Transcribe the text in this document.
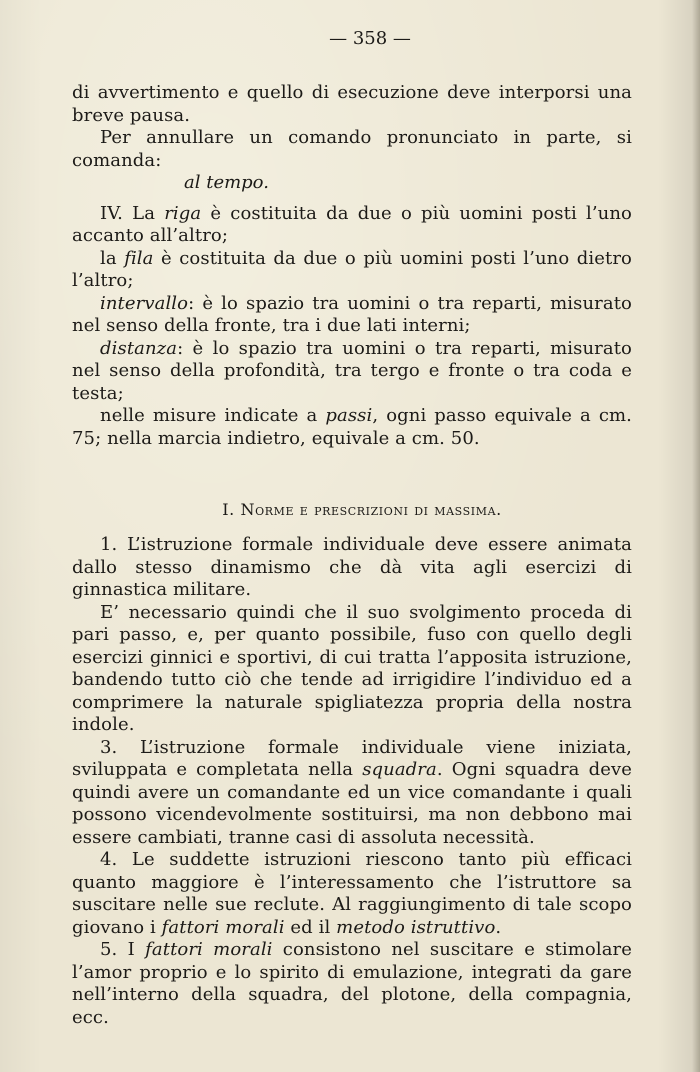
— 358 —

di avvertimento e quello di esecuzione deve interporsi una breve pausa.

Per annullare un comando pronunciato in parte, si comanda:

al tempo.

IV. La riga è costituita da due o più uomini posti l’uno accanto all’altro;

la fila è costituita da due o più uomini posti l’uno dietro l’altro;

intervallo: è lo spazio tra uomini o tra reparti, misurato nel senso della fronte, tra i due lati interni;

distanza: è lo spazio tra uomini o tra reparti, misurato nel senso della profondità, tra tergo e fronte o tra coda e testa;

nelle misure indicate a passi, ogni passo equivale a cm. 75; nella marcia indietro, equivale a cm. 50.

I. Norme e prescrizioni di massima.

1. L’istruzione formale individuale deve essere animata dallo stesso dinamismo che dà vita agli esercizi di ginnastica militare.

E’ necessario quindi che il suo svolgimento proceda di pari passo, e, per quanto possibile, fuso con quello degli esercizi ginnici e sportivi, di cui tratta l’apposita istruzione, bandendo tutto ciò che tende ad irrigidire l’individuo ed a comprimere la naturale spigliatezza propria della nostra indole.

3. L’istruzione formale individuale viene iniziata, sviluppata e completata nella squadra. Ogni squadra deve quindi avere un comandante ed un vice comandante i quali possono vicendevolmente sostituirsi, ma non debbono mai essere cambiati, tranne casi di assoluta necessità.

4. Le suddette istruzioni riescono tanto più efficaci quanto maggiore è l’interessamento che l’istruttore sa suscitare nelle sue reclute. Al raggiungimento di tale scopo giovano i fattori morali ed il metodo istruttivo.

5. I fattori morali consistono nel suscitare e stimolare l’amor proprio e lo spirito di emulazione, integrati da gare nell’interno della squadra, del plotone, della compagnia, ecc.
